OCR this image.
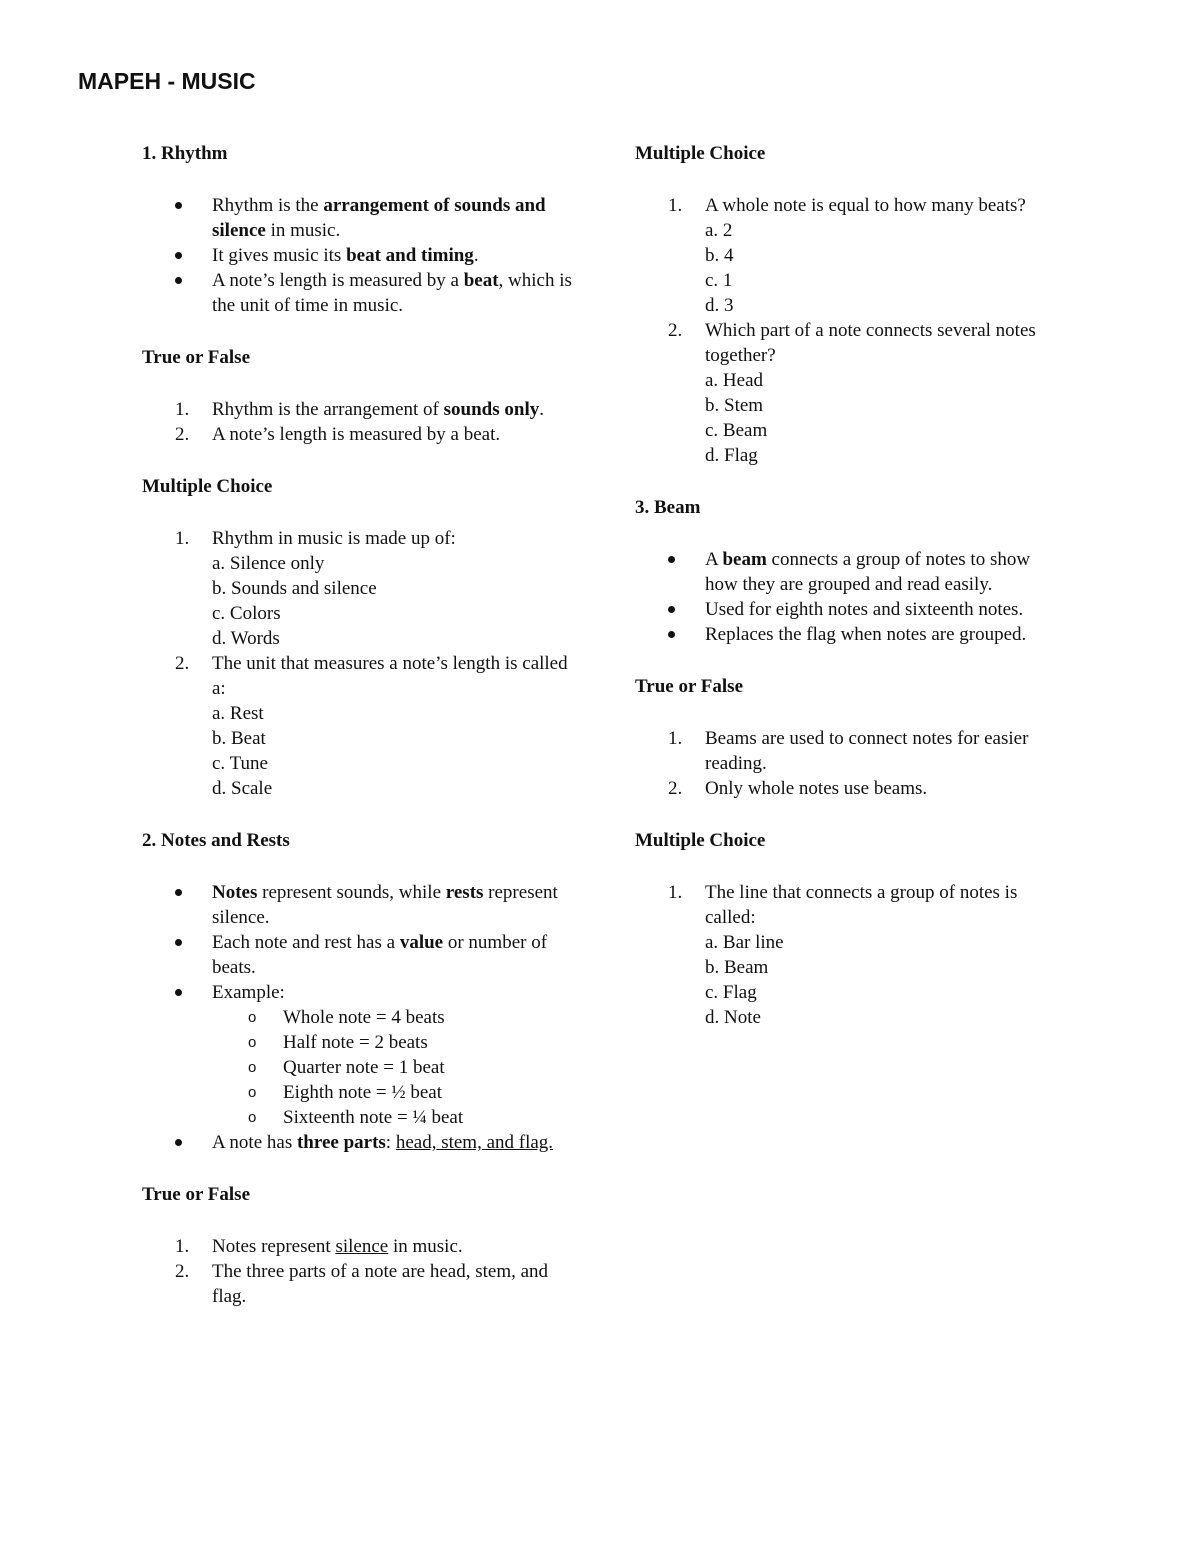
MAPEH - MUSIC
1. Rhythm
Rhythm is the arrangement of sounds and silence in music.
It gives music its beat and timing.
A note’s length is measured by a beat, which is the unit of time in music.
True or False
1. Rhythm is the arrangement of sounds only.
2. A note’s length is measured by a beat.
Multiple Choice
1. Rhythm in music is made up of:
a. Silence only
b. Sounds and silence
c. Colors
d. Words
2. The unit that measures a note’s length is called a:
a. Rest
b. Beat
c. Tune
d. Scale
2. Notes and Rests
Notes represent sounds, while rests represent silence.
Each note and rest has a value or number of beats.
Example:
o Whole note = 4 beats
o Half note = 2 beats
o Quarter note = 1 beat
o Eighth note = ½ beat
o Sixteenth note = ¼ beat
A note has three parts: head, stem, and flag.
True or False
1. Notes represent silence in music.
2. The three parts of a note are head, stem, and flag.
Multiple Choice
1. A whole note is equal to how many beats?
a. 2
b. 4
c. 1
d. 3
2. Which part of a note connects several notes together?
a. Head
b. Stem
c. Beam
d. Flag
3. Beam
A beam connects a group of notes to show how they are grouped and read easily.
Used for eighth notes and sixteenth notes.
Replaces the flag when notes are grouped.
True or False
1. Beams are used to connect notes for easier reading.
2. Only whole notes use beams.
Multiple Choice
1. The line that connects a group of notes is called:
a. Bar line
b. Beam
c. Flag
d. Note
